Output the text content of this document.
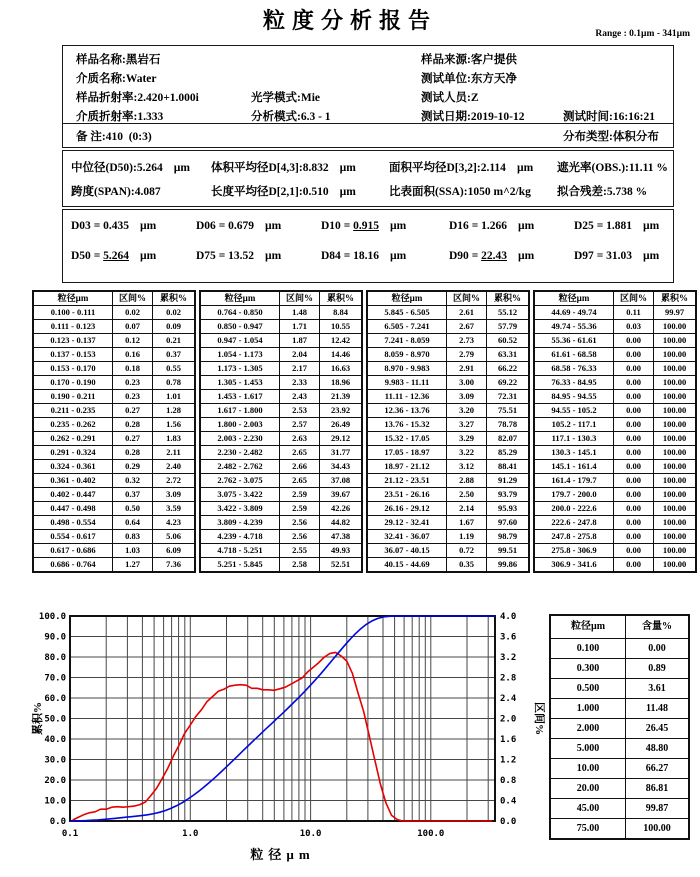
粒度分析报告
Range : 0.1µm - 341µm
样品名称 : 黑岩石	样品来源 : 客户提供
介质名称 : Water	测试单位 : 东方天净
样品折射率 : 2.420+1.000i	光学模式 : Mie	测试人员 : Z
介质折射率 : 1.333	分析模式 : 6.3 - 1	测试日期 : 2019-10-12	测试时间 : 16:16:21
备 注 : 410  (0:3)	分布类型 : 体积分布
中位径(D50) : 5.264 µm 体积平均径D[4,3] : 8.832 µm	面积平均径D[3,2] : 2.114 µm 遮光率(OBS.) : 11.11 %
跨度(SPAN) : 4.087	长度平均径D[2,1] : 0.510 µm	比表面积(SSA) : 1050 m^2/kg 拟合残差 : 5.738 %
D03 = 0.435 µm	D06 = 0.679 µm	D10 = 0.915 µm	D16 = 1.266 µm	D25 = 1.881 µm
D50 = 5.264 µm	D75 = 13.52 µm	D84 = 18.16 µm	D90 = 22.43 µm	D97 = 31.03 µm
粒径µm	区间%	累积%
0.100 - 0.111	0.02	0.02
0.111 - 0.123	0.07	0.09
0.123 - 0.137	0.12	0.21
0.137 - 0.153	0.16	0.37
0.153 - 0.170	0.18	0.55
0.170 - 0.190	0.23	0.78
0.190 - 0.211	0.23	1.01
0.211 - 0.235	0.27	1.28
0.235 - 0.262	0.28	1.56
0.262 - 0.291	0.27	1.83
0.291 - 0.324	0.28	2.11
0.324 - 0.361	0.29	2.40
0.361 - 0.402	0.32	2.72
0.402 - 0.447	0.37	3.09
0.447 - 0.498	0.50	3.59
0.498 - 0.554	0.64	4.23
0.554 - 0.617	0.83	5.06
0.617 - 0.686	1.03	6.09
0.686 - 0.764	1.27	7.36
粒径µm	区间%	累积%
0.764 - 0.850	1.48	8.84
0.850 - 0.947	1.71	10.55
0.947 - 1.054	1.87	12.42
1.054 - 1.173	2.04	14.46
1.173 - 1.305	2.17	16.63
1.305 - 1.453	2.33	18.96
1.453 - 1.617	2.43	21.39
1.617 - 1.800	2.53	23.92
1.800 - 2.003	2.57	26.49
2.003 - 2.230	2.63	29.12
2.230 - 2.482	2.65	31.77
2.482 - 2.762	2.66	34.43
2.762 - 3.075	2.65	37.08
3.075 - 3.422	2.59	39.67
3.422 - 3.809	2.59	42.26
3.809 - 4.239	2.56	44.82
4.239 - 4.718	2.56	47.38
4.718 - 5.251	2.55	49.93
5.251 - 5.845	2.58	52.51
粒径µm	区间%	累积%
5.845 - 6.505	2.61	55.12
6.505 - 7.241	2.67	57.79
7.241 - 8.059	2.73	60.52
8.059 - 8.970	2.79	63.31
8.970 - 9.983	2.91	66.22
9.983 - 11.11	3.00	69.22
11.11 - 12.36	3.09	72.31
12.36 - 13.76	3.20	75.51
13.76 - 15.32	3.27	78.78
15.32 - 17.05	3.29	82.07
17.05 - 18.97	3.22	85.29
18.97 - 21.12	3.12	88.41
21.12 - 23.51	2.88	91.29
23.51 - 26.16	2.50	93.79
26.16 - 29.12	2.14	95.93
29.12 - 32.41	1.67	97.60
32.41 - 36.07	1.19	98.79
36.07 - 40.15	0.72	99.51
40.15 - 44.69	0.35	99.86
粒径µm	区间%	累积%
44.69 - 49.74	0.11	99.97
49.74 - 55.36	0.03	100.00
55.36 - 61.61	0.00	100.00
61.61 - 68.58	0.00	100.00
68.58 - 76.33	0.00	100.00
76.33 - 84.95	0.00	100.00
84.95 - 94.55	0.00	100.00
94.55 - 105.2	0.00	100.00
105.2 - 117.1	0.00	100.00
117.1 - 130.3	0.00	100.00
130.3 - 145.1	0.00	100.00
145.1 - 161.4	0.00	100.00
161.4 - 179.7	0.00	100.00
179.7 - 200.0	0.00	100.00
200.0 - 222.6	0.00	100.00
222.6 - 247.8	0.00	100.00
247.8 - 275.8	0.00	100.00
275.8 - 306.9	0.00	100.00
306.9 - 341.6	0.00	100.00
0.0
10.0
20.0
30.0
40.0
50.0
60.0
70.0
80.0
90.0
100.0
0.0
0.4
0.8
1.2
1.6
2.0
2.4
2.8
3.2
3.6
4.0
0.1	1.0	10.0	100.0
粒径µm
累积%	区间%
粒径µm	含量%
0.100	0.00
0.300	0.89
0.500	3.61
1.000	11.48
2.000	26.45
5.000	48.80
10.00	66.27
20.00	86.81
45.00	99.87
75.00	100.00
